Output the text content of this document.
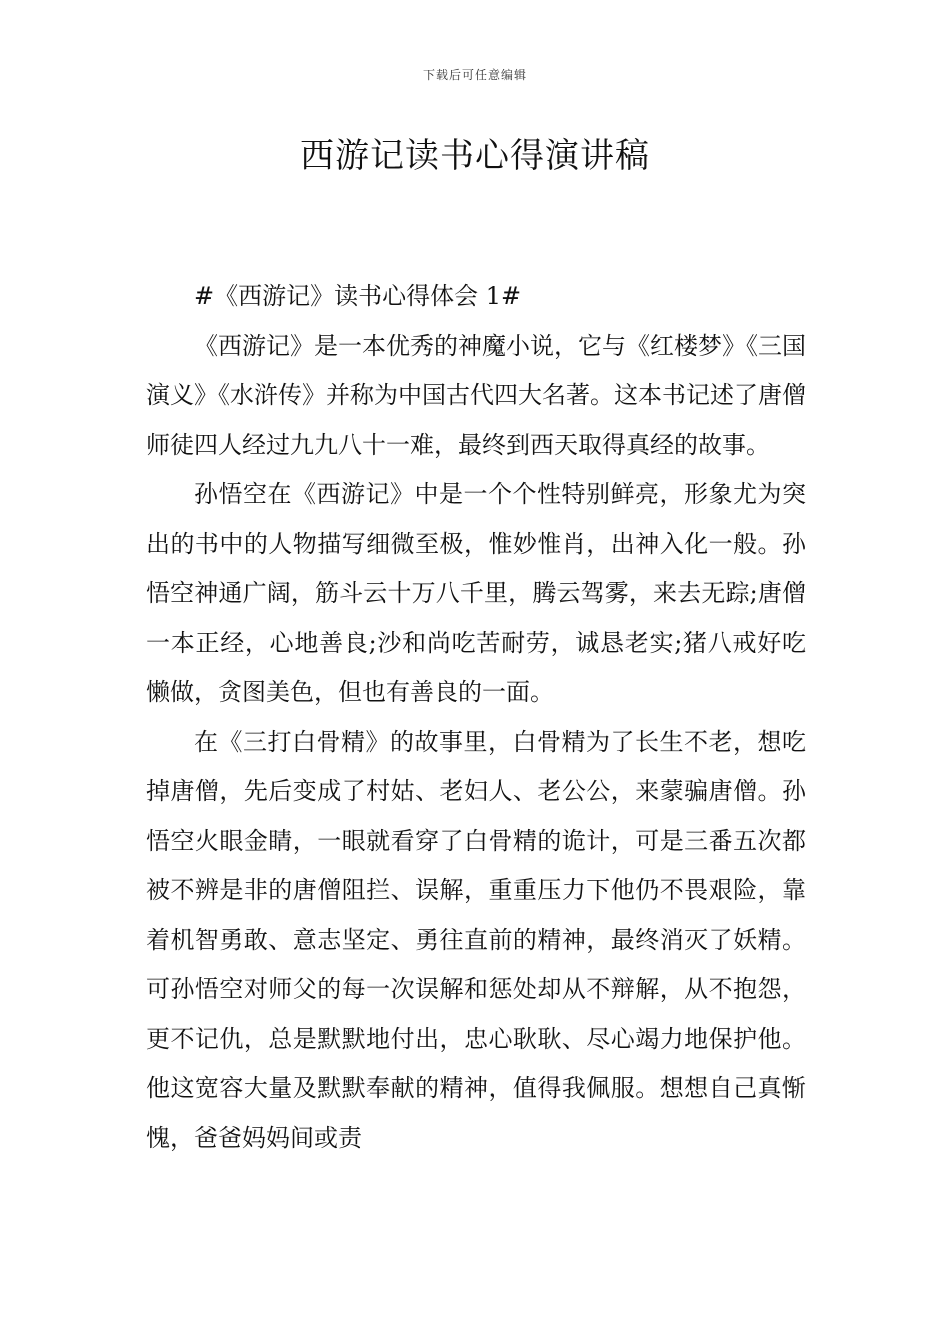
下载后可任意编辑
西游记读书心得演讲稿

#《西游记》读书心得体会 1#

《西游记》是一本优秀的神魔小说，它与《红楼梦》《三国演义》《水浒传》并称为中国古代四大名著。这本书记述了唐僧师徒四人经过九九八十一难，最终到西天取得真经的故事。

孙悟空在《西游记》中是一个个性特别鲜亮，形象尤为突出的书中的人物描写细微至极，惟妙惟肖，出神入化一般。孙悟空神通广阔，筋斗云十万八千里，腾云驾雾，来去无踪;唐僧一本正经，心地善良;沙和尚吃苦耐劳，诚恳老实;猪八戒好吃懒做，贪图美色，但也有善良的一面。

在《三打白骨精》的故事里，白骨精为了长生不老，想吃掉唐僧，先后变成了村姑、老妇人、老公公，来蒙骗唐僧。孙悟空火眼金睛，一眼就看穿了白骨精的诡计，可是三番五次都被不辨是非的唐僧阻拦、误解，重重压力下他仍不畏艰险，靠着机智勇敢、意志坚定、勇往直前的精神，最终消灭了妖精。可孙悟空对师父的每一次误解和惩处却从不辩解，从不抱怨，更不记仇，总是默默地付出，忠心耿耿、尽心竭力地保护他。他这宽容大量及默默奉献的精神，值得我佩服。想想自己真惭愧，爸爸妈妈间或责
